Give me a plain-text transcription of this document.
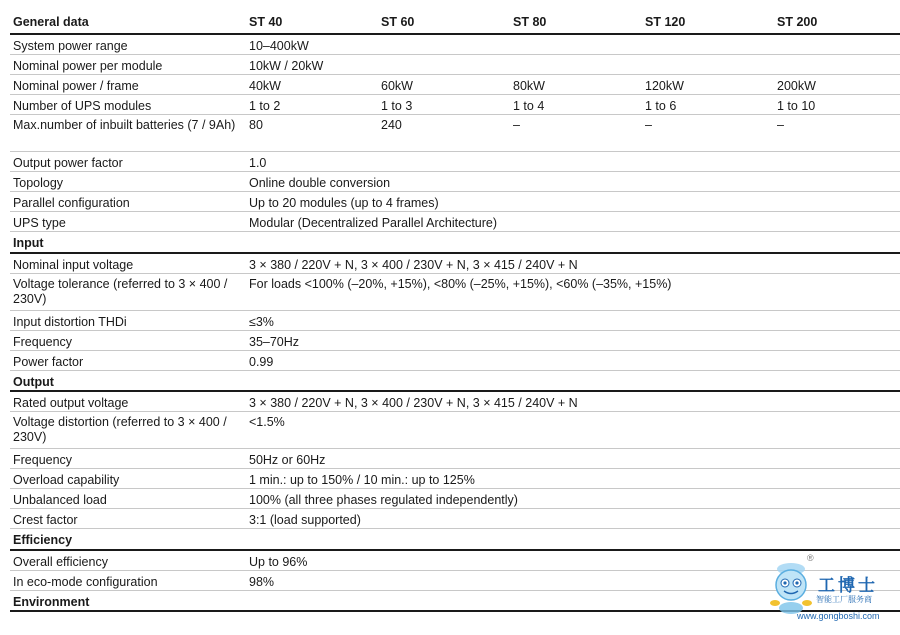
General data	ST 40	ST 60	ST 80	ST 120	ST 200
System power range	10–400kW				
Nominal power per module	10kW / 20kW				
Nominal power / frame	40kW	60kW	80kW	120kW	200kW
Number of UPS modules	1 to 2	1 to 3	1 to 4	1 to 6	1 to 10
Max.number of inbuilt batteries (7 / 9Ah)	80	240	–	–	–
Output power factor	1.0				
Topology	Online double conversion				
Parallel configuration	Up to 20 modules (up to 4 frames)				
UPS type	Modular (Decentralized Parallel Architecture)				
Input					
Nominal input voltage	3 × 380 / 220V + N, 3 × 400 / 230V + N, 3 × 415 / 240V + N				
Voltage tolerance (referred to 3 × 400 / 230V)	For loads <100% (–20%, +15%), <80% (–25%, +15%), <60% (–35%, +15%)				
Input distortion THDi	≤3%				
Frequency	35–70Hz				
Power factor	0.99				
Output					
Rated output voltage	3 × 380 / 220V + N, 3 × 400 / 230V + N, 3 × 415 / 240V + N				
Voltage distortion (referred to 3 × 400 / 230V)	<1.5%				
Frequency	50Hz or 60Hz				
Overload capability	1 min.: up to 150% / 10 min.: up to 125%				
Unbalanced load	100% (all three phases regulated independently)				
Crest factor	3:1 (load supported)				
Efficiency					
Overall efficiency	Up to 96%				
In eco-mode configuration	98%				
Environment					
®
工博士
智能工厂服务商
www.gongboshi.com
